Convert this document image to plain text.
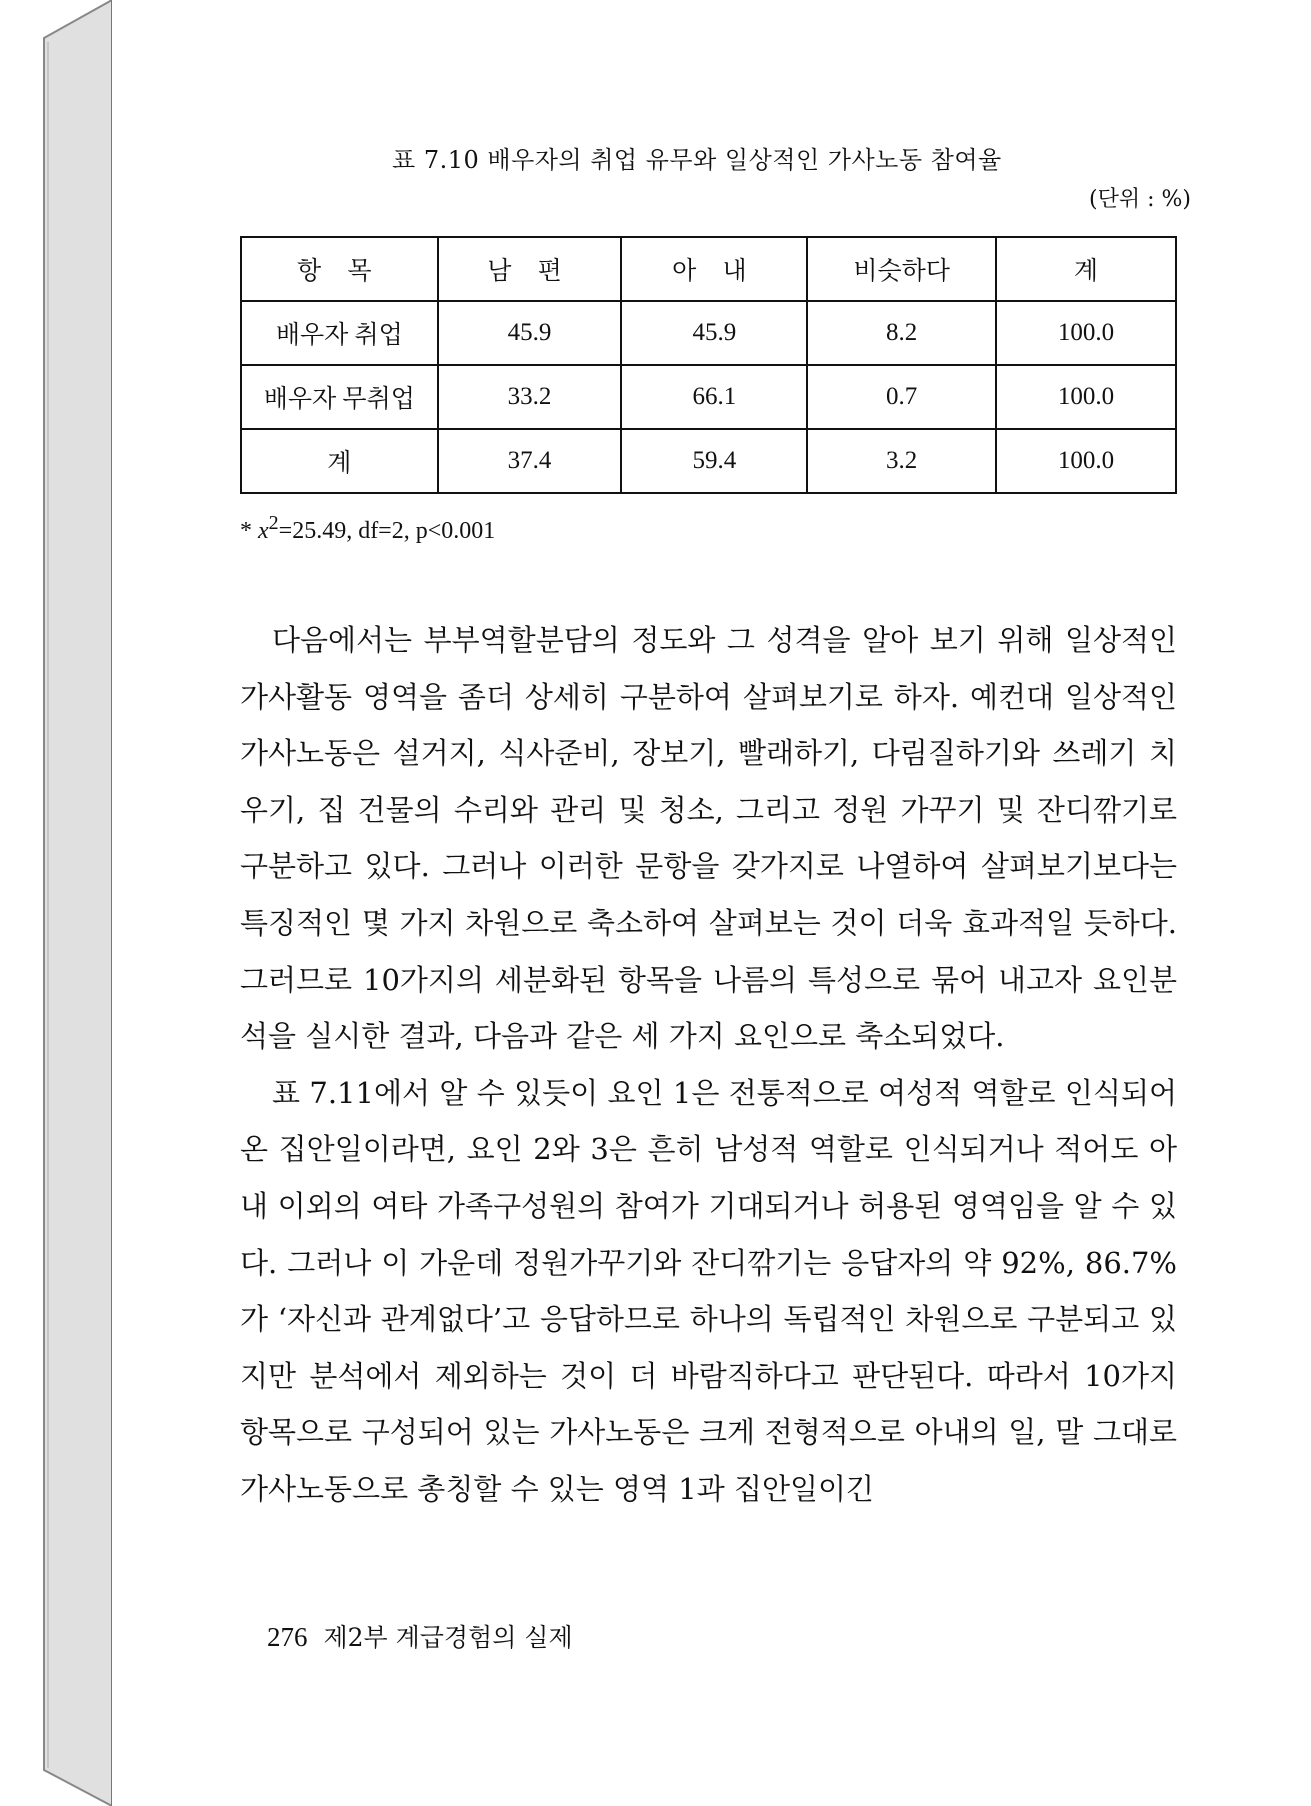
표 7.10 배우자의 취업 유무와 일상적인 가사노동 참여율
(단위 : %)
항 목	남 편	아 내	비슷하다	계
배우자 취업	45.9	45.9	8.2	100.0
배우자 무취업	33.2	66.1	0.7	100.0
계	37.4	59.4	3.2	100.0
* $x^2=25.49$, df=2, p<0.001

다음에서는 부부역할분담의 정도와 그 성격을 알아 보기 위해 일상적인 가사활동 영역을 좀더 상세히 구분하여 살펴보기로 하자. 예컨대 일상적인 가사노동은 설거지, 식사준비, 장보기, 빨래하기, 다림질하기와 쓰레기 치우기, 집 건물의 수리와 관리 및 청소, 그리고 정원 가꾸기 및 잔디깎기로 구분하고 있다. 그러나 이러한 문항을 갖가지로 나열하여 살펴보기보다는 특징적인 몇 가지 차원으로 축소하여 살펴보는 것이 더욱 효과적일 듯하다. 그러므로 10가지의 세분화된 항목을 나름의 특성으로 묶어 내고자 요인분석을 실시한 결과, 다음과 같은 세 가지 요인으로 축소되었다.

표 7.11에서 알 수 있듯이 요인 1은 전통적으로 여성적 역할로 인식되어 온 집안일이라면, 요인 2와 3은 흔히 남성적 역할로 인식되거나 적어도 아내 이외의 여타 가족구성원의 참여가 기대되거나 허용된 영역임을 알 수 있다. 그러나 이 가운데 정원가꾸기와 잔디깎기는 응답자의 약 92%, 86.7%가 ‘자신과 관계없다’고 응답하므로 하나의 독립적인 차원으로 구분되고 있지만 분석에서 제외하는 것이 더 바람직하다고 판단된다. 따라서 10가지 항목으로 구성되어 있는 가사노동은 크게 전형적으로 아내의 일, 말 그대로 가사노동으로 총칭할 수 있는 영역 1과 집안일이긴

276 제2부 계급경험의 실제
